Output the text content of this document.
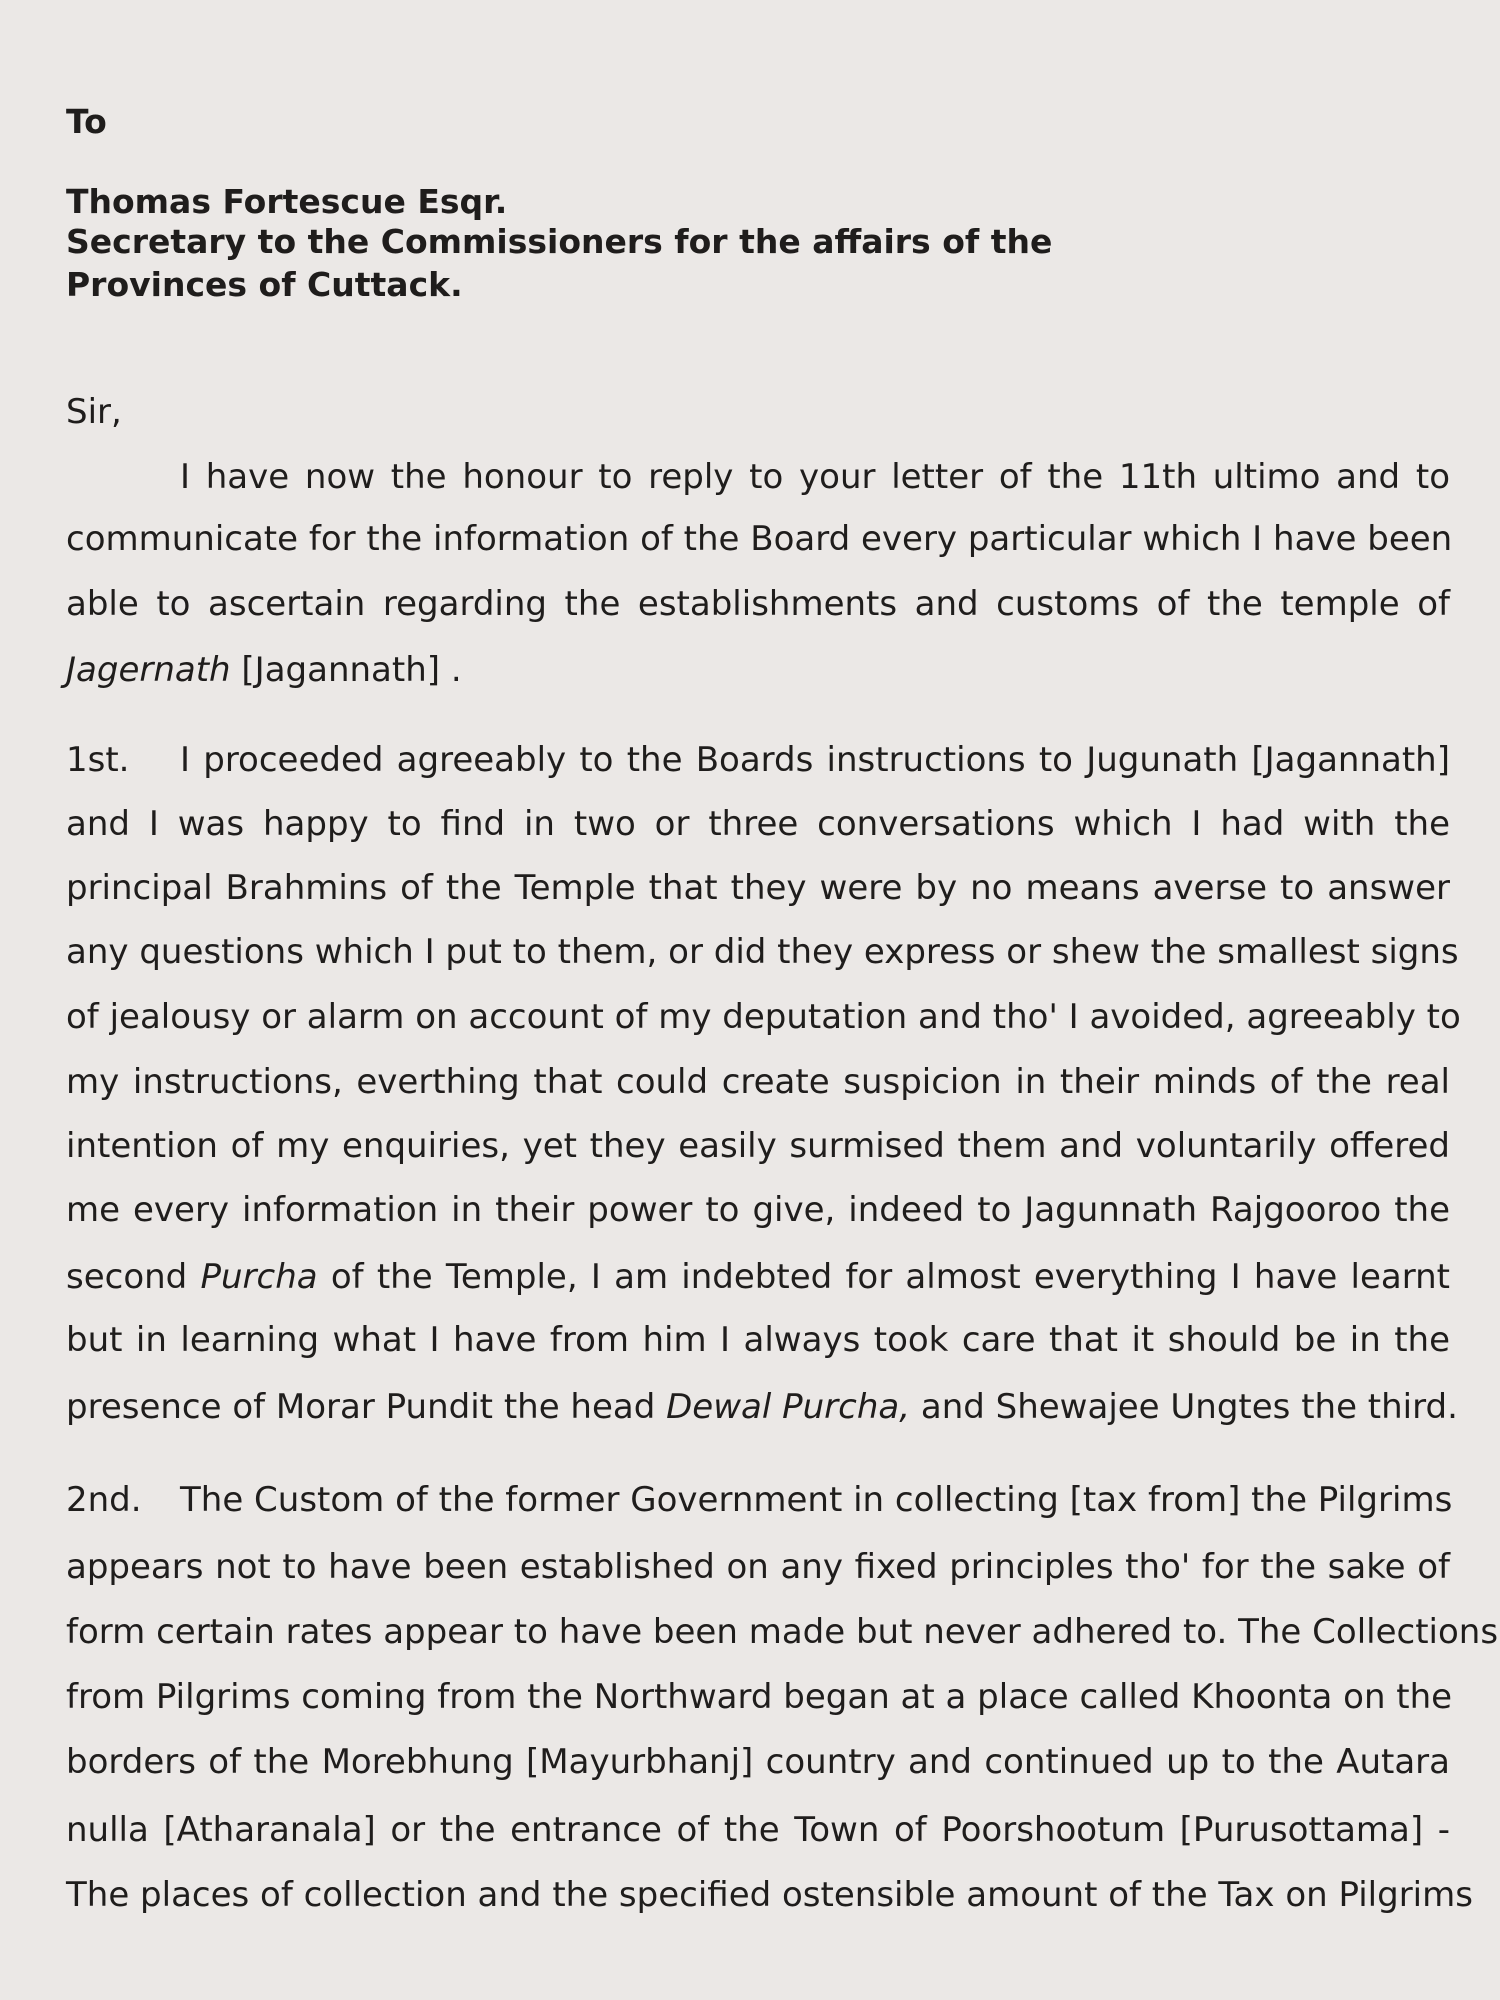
To
Thomas Fortescue Esqr.
Secretary to the Commissioners for the affairs of the
Provinces of Cuttack.
Sir,
I have now the honour to reply to your letter of the 11th ultimo and to
communicate for the information of the Board every particular which I have been
able to ascertain regarding the establishments and customs of the temple of
Jagernath [Jagannath] .
1st. I proceeded agreeably to the Boards instructions to Jugunath [Jagannath]
and I was happy to find in two or three conversations which I had with the
principal Brahmins of the Temple that they were by no means averse to answer
any questions which I put to them, or did they express or shew the smallest signs
of jealousy or alarm on account of my deputation and tho' I avoided, agreeably to
my instructions, everthing that could create suspicion in their minds of the real
intention of my enquiries, yet they easily surmised them and voluntarily offered
me every information in their power to give, indeed to Jagunnath Rajgooroo the
second Purcha of the Temple, I am indebted for almost everything I have learnt
but in learning what I have from him I always took care that it should be in the
presence of Morar Pundit the head Dewal Purcha, and Shewajee Ungtes the third.
2nd. The Custom of the former Government in collecting [tax from] the Pilgrims
appears not to have been established on any fixed principles tho' for the sake of
form certain rates appear to have been made but never adhered to. The Collections
from Pilgrims coming from the Northward began at a place called Khoonta on the
borders of the Morebhung [Mayurbhanj] country and continued up to the Autara
nulla [Atharanala] or the entrance of the Town of Poorshootum [Purusottama] -
The places of collection and the specified ostensible amount of the Tax on Pilgrims
